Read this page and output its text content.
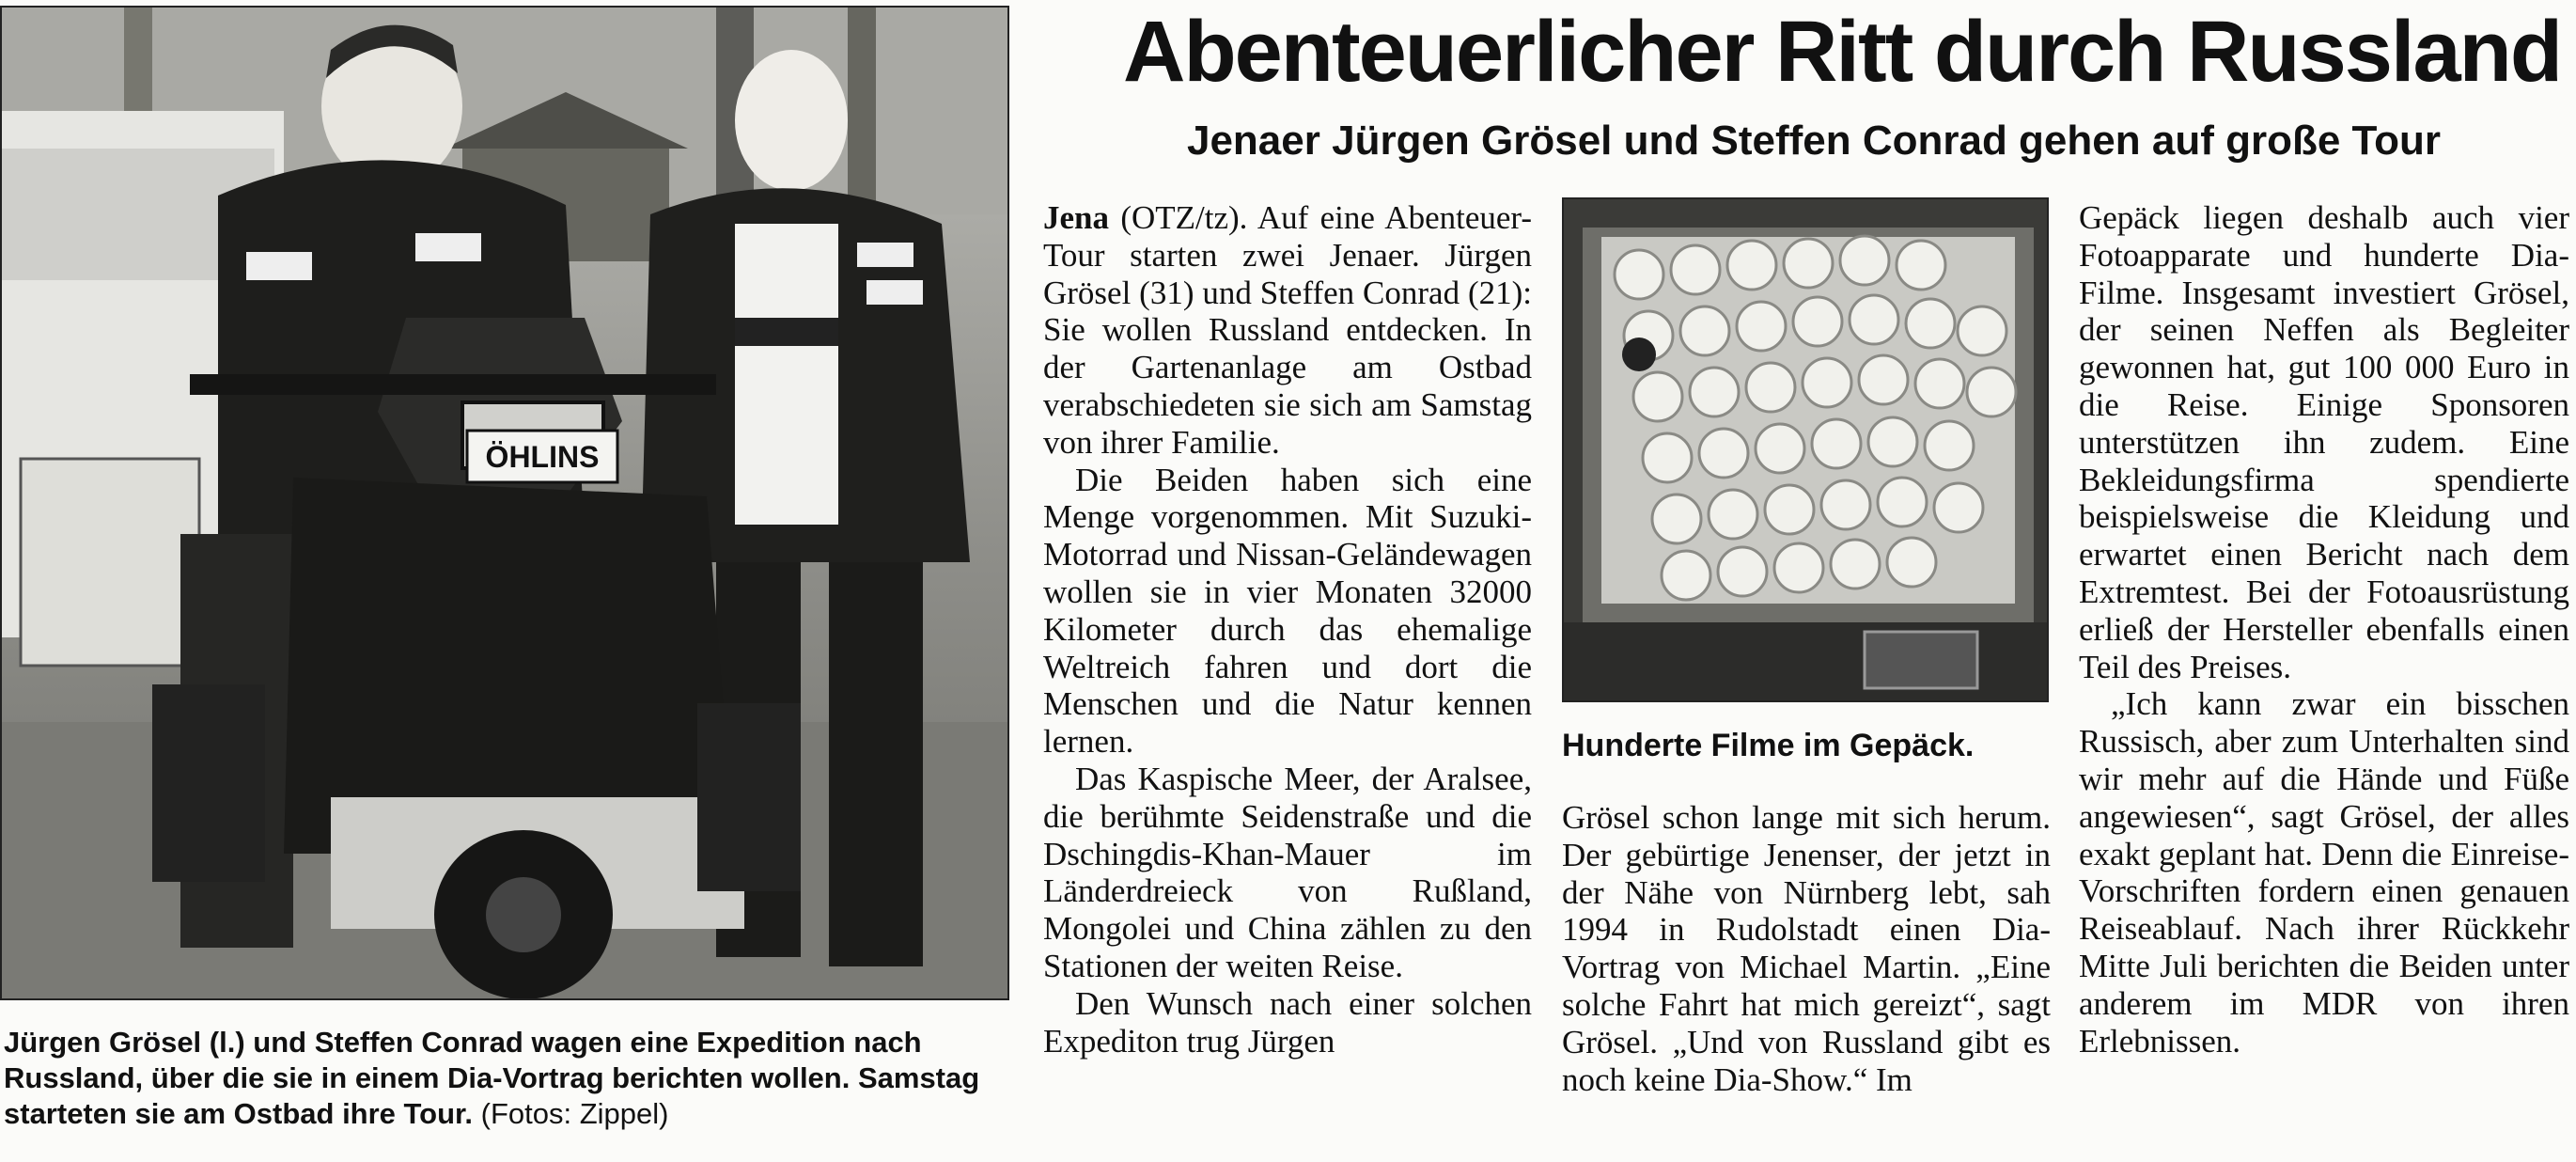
ÖHLINS

Jürgen Grösel (l.) und Steffen Conrad wagen eine Expedition nach Russland, über die sie in einem Dia-Vortrag berichten wollen. Samstag starteten sie am Ostbad ihre Tour. (Fotos: Zippel)

Abenteuerlicher Ritt durch Russland
Jenaer Jürgen Grösel und Steffen Conrad gehen auf große Tour

Jena (OTZ/tz). Auf eine Abenteuer-Tour starten zwei Jenaer. Jürgen Grösel (31) und Steffen Conrad (21): Sie wollen Russland entdecken. In der Gartenanlage am Ostbad verabschiedeten sie sich am Samstag von ihrer Familie.

Die Beiden haben sich eine Menge vorgenommen. Mit Suzuki-Motorrad und Nissan-Geländewagen wollen sie in vier Monaten 32000 Kilometer durch das ehemalige Weltreich fahren und dort die Menschen und die Natur kennen lernen.

Das Kaspische Meer, der Aralsee, die berühmte Seidenstraße und die Dschingdis-Khan-Mauer im Länderdreieck von Rußland, Mongolei und China zählen zu den Stationen der weiten Reise.

Den Wunsch nach einer solchen Expediton trug Jürgen

Hunderte Filme im Gepäck.

Grösel schon lange mit sich herum. Der gebürtige Jenenser, der jetzt in der Nähe von Nürnberg lebt, sah 1994 in Rudolstadt einen Dia-Vortrag von Michael Martin. „Eine solche Fahrt hat mich gereizt“, sagt Grösel. „Und von Russland gibt es noch keine Dia-Show.“ Im

Gepäck liegen deshalb auch vier Fotoapparate und hunderte Dia-Filme. Insgesamt investiert Grösel, der seinen Neffen als Begleiter gewonnen hat, gut 100 000 Euro in die Reise. Einige Sponsoren unterstützen ihn zudem. Eine Bekleidungsfirma spendierte beispielsweise die Kleidung und erwartet einen Bericht nach dem Extremtest. Bei der Fotoausrüstung erließ der Hersteller ebenfalls einen Teil des Preises.

„Ich kann zwar ein bisschen Russisch, aber zum Unterhalten sind wir mehr auf die Hände und Füße angewiesen“, sagt Grösel, der alles exakt geplant hat. Denn die Einreise-Vorschriften fordern einen genauen Reiseablauf. Nach ihrer Rückkehr Mitte Juli berichten die Beiden unter anderem im MDR von ihren Erlebnissen.
